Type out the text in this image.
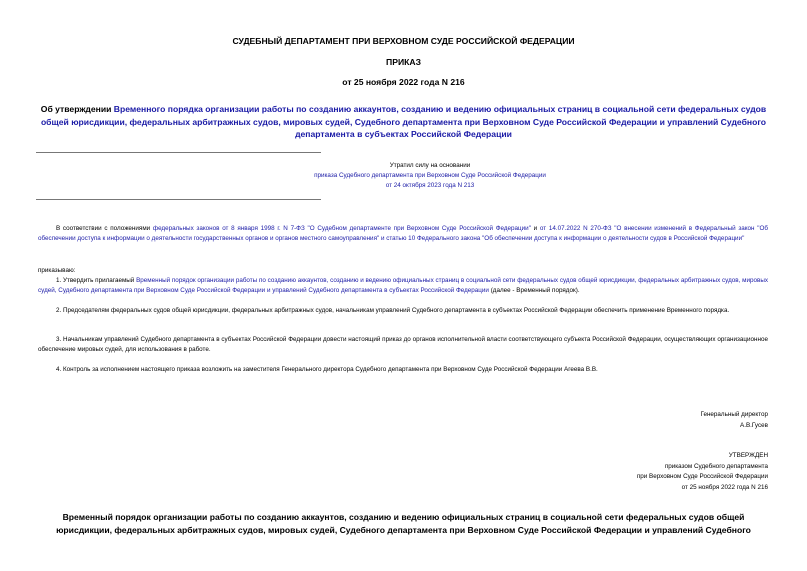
СУДЕБНЫЙ ДЕПАРТАМЕНТ ПРИ ВЕРХОВНОМ СУДЕ РОССИЙСКОЙ ФЕДЕРАЦИИ
ПРИКАЗ
от 25 ноября 2022 года N 216
Об утверждении Временного порядка организации работы по созданию аккаунтов, созданию и ведению официальных страниц в социальной сети федеральных судов общей юрисдикции, федеральных арбитражных судов, мировых судей, Судебного департамента при Верховном Суде Российской Федерации и управлений Судебного департамента в субъектах Российской Федерации
Утратил силу на основании
приказа Судебного департамента при Верховном Суде Российской Федерации
от 24 октября 2023 года N 213
В соответствии с положениями федеральных законов от 8 января 1998 г. N 7-ФЗ "О Судебном департаменте при Верховном Суде Российской Федерации" и от 14.07.2022 N 270-ФЗ "О внесении изменений в Федеральный закон "Об обеспечении доступа к информации о деятельности государственных органов и органов местного самоуправления" и статью 10 Федерального закона "Об обеспечении доступа к информации о деятельности судов в Российской Федерации"
приказываю:
1. Утвердить прилагаемый Временный порядок организации работы по созданию аккаунтов, созданию и ведению официальных страниц в социальной сети федеральных судов общей юрисдикции, федеральных арбитражных судов, мировых судей, Судебного департамента при Верховном Суде Российской Федерации и управлений Судебного департамента в субъектах Российской Федерации (далее - Временный порядок).
2. Председателям федеральных судов общей юрисдикции, федеральных арбитражных судов, начальникам управлений Судебного департамента в субъектах Российской Федерации обеспечить применение Временного порядка.
3. Начальникам управлений Судебного департамента в субъектах Российской Федерации довести настоящий приказ до органов исполнительной власти соответствующего субъекта Российской Федерации, осуществляющих организационное обеспечение мировых судей, для использования в работе.
4. Контроль за исполнением настоящего приказа возложить на заместителя Генерального директора Судебного департамента при Верховном Суде Российской Федерации Агеева В.В.
Генеральный директор
А.В.Гусев
УТВЕРЖДЕН
приказом Судебного департамента
при Верховном Суде Российской Федерации
от 25 ноября 2022 года N 216
Временный порядок организации работы по созданию аккаунтов, созданию и ведению официальных страниц в социальной сети федеральных судов общей юрисдикции, федеральных арбитражных судов, мировых судей, Судебного департамента при Верховном Суде Российской Федерации и управлений Судебного
